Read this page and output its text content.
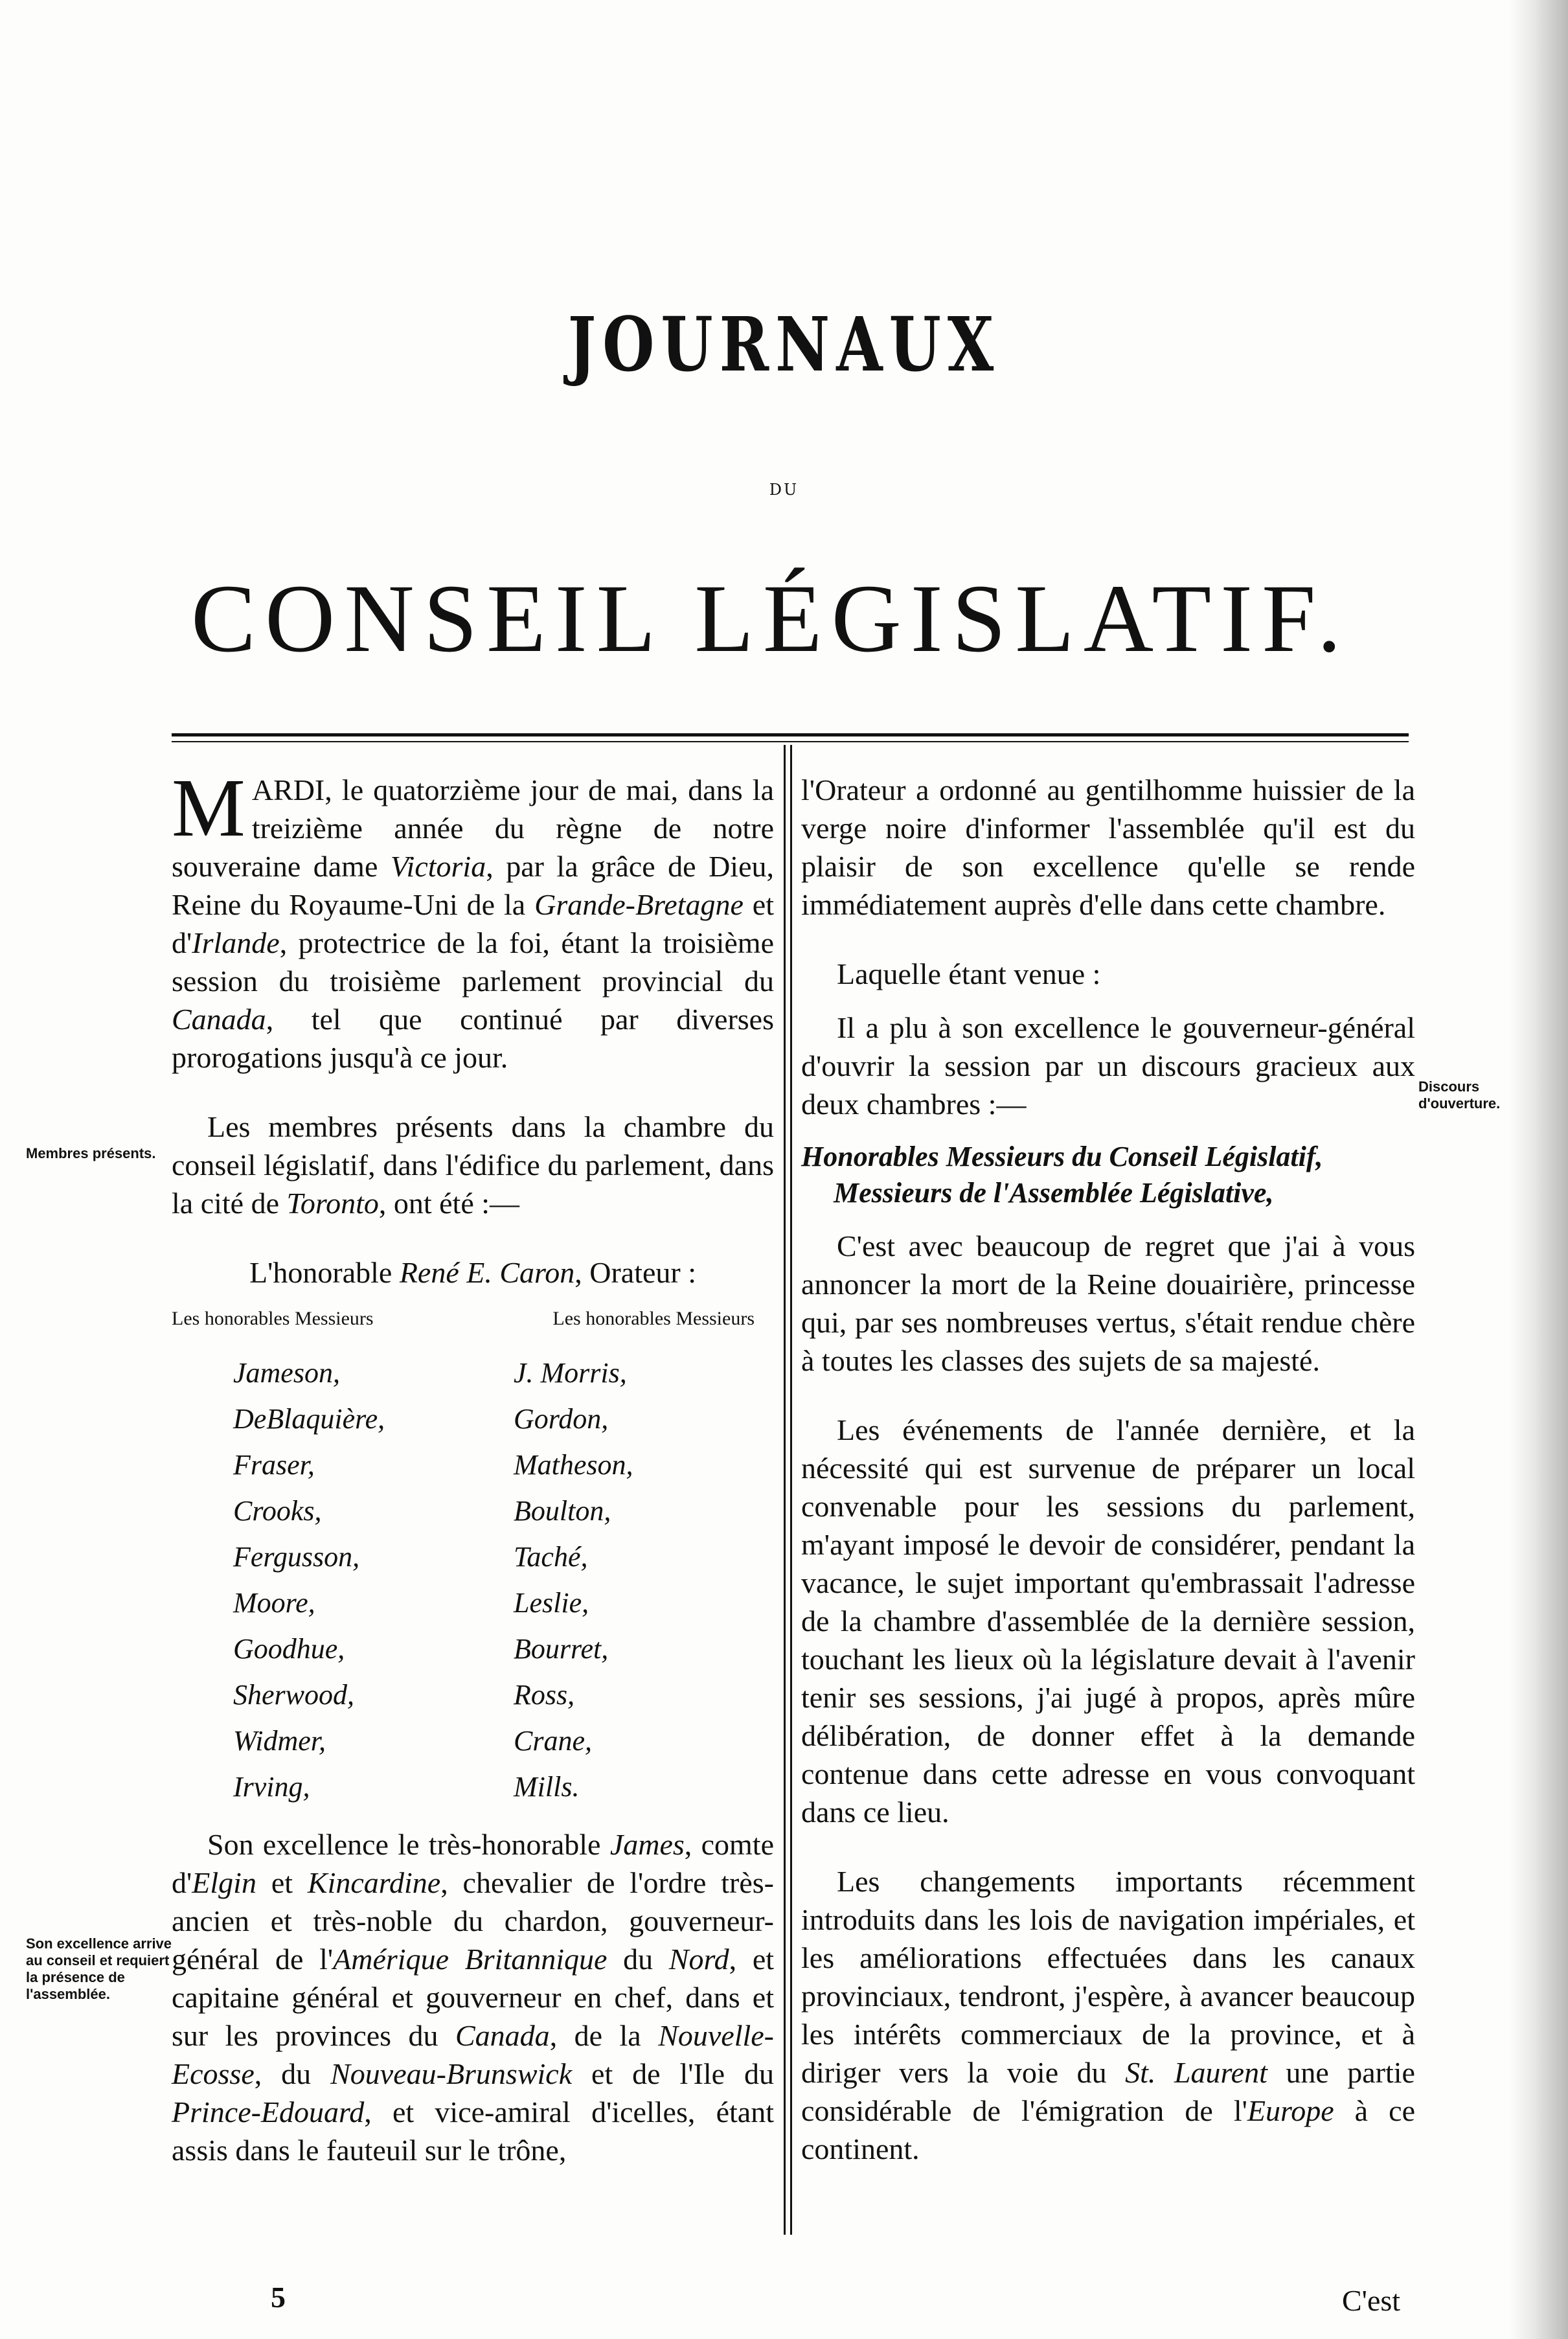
JOURNAUX
DU
CONSEIL LÉGISLATIF.

MARDI, le quatorzième jour de mai, dans la treizième année du règne de notre souveraine dame Victoria, par la grâce de Dieu, Reine du Royaume-Uni de la Grande-Bretagne et d'Irlande, protectrice de la foi, étant la troisième session du troisième parlement provincial du Canada, tel que continué par diverses prorogations jusqu'à ce jour.

Les membres présents dans la chambre du conseil législatif, dans l'édifice du parlement, dans la cité de Toronto, ont été :—

L'honorable René E. Caron, Orateur :

Les honorables Messieurs	Les honorables Messieurs
Jameson,	J. Morris,
DeBlaquière,	Gordon,
Fraser,	Matheson,
Crooks,	Boulton,
Fergusson,	Taché,
Moore,	Leslie,
Goodhue,	Bourret,
Sherwood,	Ross,
Widmer,	Crane,
Irving,	Mills.

Son excellence le très-honorable James, comte d'Elgin et Kincardine, chevalier de l'ordre très-ancien et très-noble du chardon, gouverneur-général de l'Amérique Britannique du Nord, et capitaine général et gouverneur en chef, dans et sur les provinces du Canada, de la Nouvelle-Ecosse, du Nouveau-Brunswick et de l'Ile du Prince-Edouard, et vice-amiral d'icelles, étant assis dans le fauteuil sur le trône,

l'Orateur a ordonné au gentilhomme huissier de la verge noire d'informer l'assemblée qu'il est du plaisir de son excellence qu'elle se rende immédiatement auprès d'elle dans cette chambre.

Laquelle étant venue :

Il a plu à son excellence le gouverneur-général d'ouvrir la session par un discours gracieux aux deux chambres :—

Honorables Messieurs du Conseil Législatif,

Messieurs de l'Assemblée Législative,

C'est avec beaucoup de regret que j'ai à vous annoncer la mort de la Reine douairière, princesse qui, par ses nombreuses vertus, s'était rendue chère à toutes les classes des sujets de sa majesté.

Les événements de l'année dernière, et la nécessité qui est survenue de préparer un local convenable pour les sessions du parlement, m'ayant imposé le devoir de considérer, pendant la vacance, le sujet important qu'embrassait l'adresse de la chambre d'assemblée de la dernière session, touchant les lieux où la législature devait à l'avenir tenir ses sessions, j'ai jugé à propos, après mûre délibération, de donner effet à la demande contenue dans cette adresse en vous convoquant dans ce lieu.

Les changements importants récemment introduits dans les lois de navigation impériales, et les améliorations effectuées dans les canaux provinciaux, tendront, j'espère, à avancer beaucoup les intérêts commerciaux de la province, et à diriger vers la voie du St. Laurent une partie considérable de l'émigration de l'Europe à ce continent.

Membres présents.
Son excellence arrive au conseil et requiert la présence de l'assemblée.
Discours d'ouverture.
5	C'est
